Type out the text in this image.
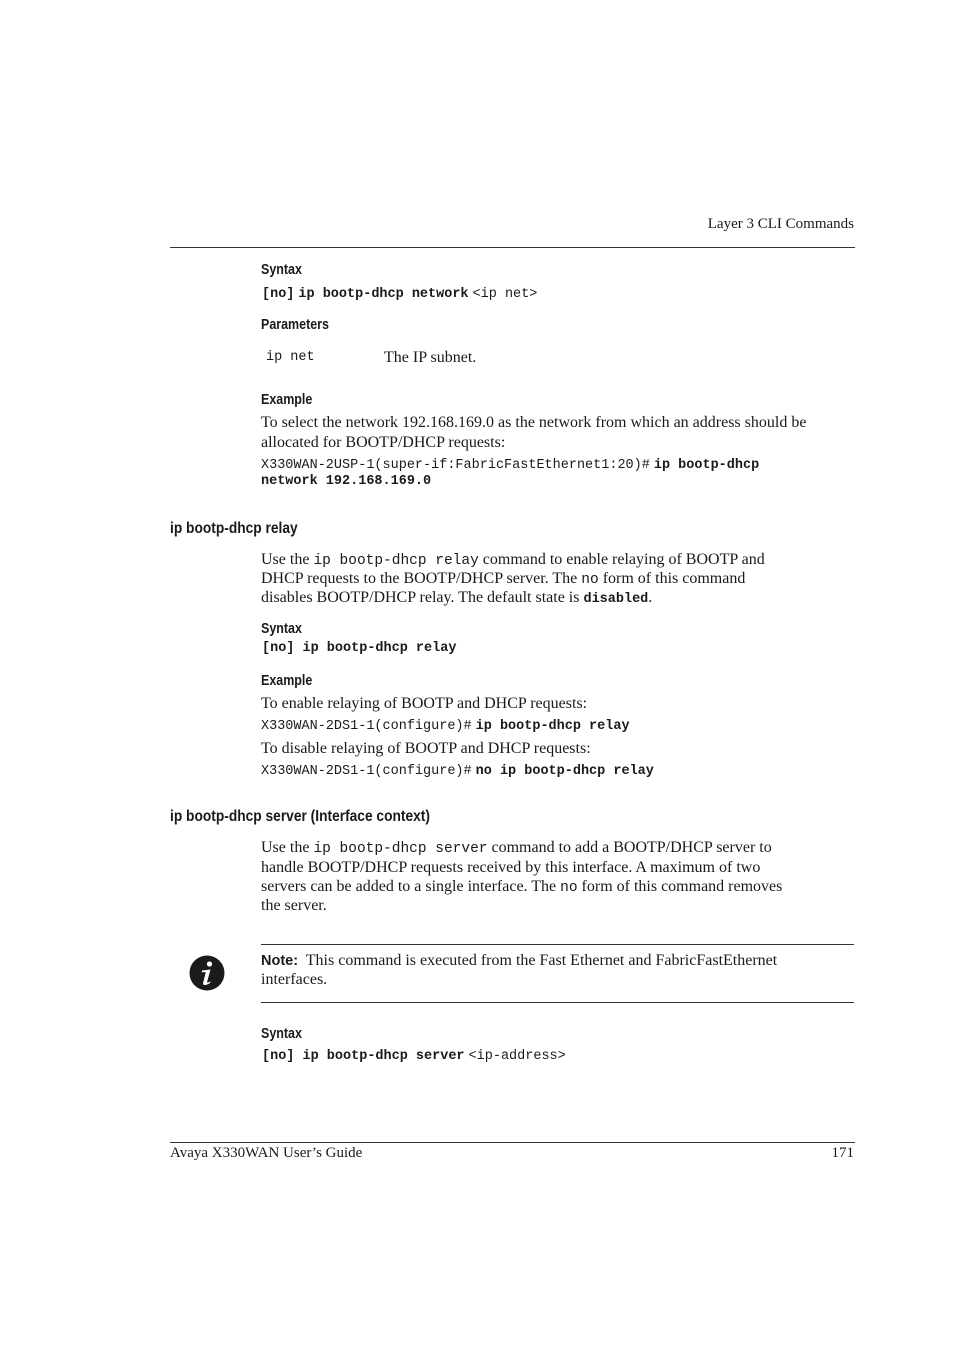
Layer 3 CLI Commands
Syntax
[no] ip bootp-dhcp network <ip net>
Parameters
ip net	The IP subnet.
Example
To select the network 192.168.169.0 as the network from which an address should be
allocated for BOOTP/DHCP requests:
X330WAN-2USP-1(super-if:FabricFastEthernet1:20)# ip bootp-dhcp
network 192.168.169.0
ip bootp-dhcp relay
Use the ip bootp-dhcp relay command to enable relaying of BOOTP and
DHCP requests to the BOOTP/DHCP server. The no form of this command
disables BOOTP/DHCP relay. The default state is disabled.
Syntax
[no] ip bootp-dhcp relay
Example
To enable relaying of BOOTP and DHCP requests:
X330WAN-2DS1-1(configure)# ip bootp-dhcp relay
To disable relaying of BOOTP and DHCP requests:
X330WAN-2DS1-1(configure)# no ip bootp-dhcp relay
ip bootp-dhcp server (Interface context)
Use the ip bootp-dhcp server command to add a BOOTP/DHCP server to
handle BOOTP/DHCP requests received by this interface. A maximum of two
servers can be added to a single interface. The no form of this command removes
the server.
Note: This command is executed from the Fast Ethernet and FabricFastEthernet
interfaces.
Syntax
[no] ip bootp-dhcp server <ip-address>
Avaya X330WAN User’s Guide	171
